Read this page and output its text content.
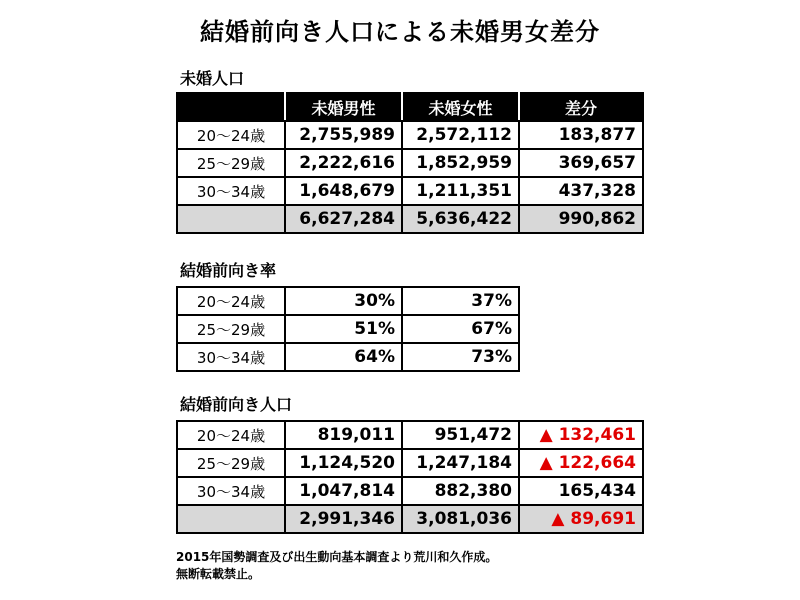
結婚前向き人口による未婚男女差分
未婚人口
	未婚男性	未婚女性	差分
20～24歳	2,755,989	2,572,112	183,877
25～29歳	2,222,616	1,852,959	369,657
30～34歳	1,648,679	1,211,351	437,328
	6,627,284	5,636,422	990,862
結婚前向き率
20～24歳	30%	37%
25～29歳	51%	67%
30～34歳	64%	73%
結婚前向き人口
20～24歳	819,011	951,472	▲ 132,461
25～29歳	1,124,520	1,247,184	▲ 122,664
30～34歳	1,047,814	882,380	165,434
	2,991,346	3,081,036	▲ 89,691
2015年国勢調査及び出生動向基本調査より荒川和久作成。
無断転載禁止。
